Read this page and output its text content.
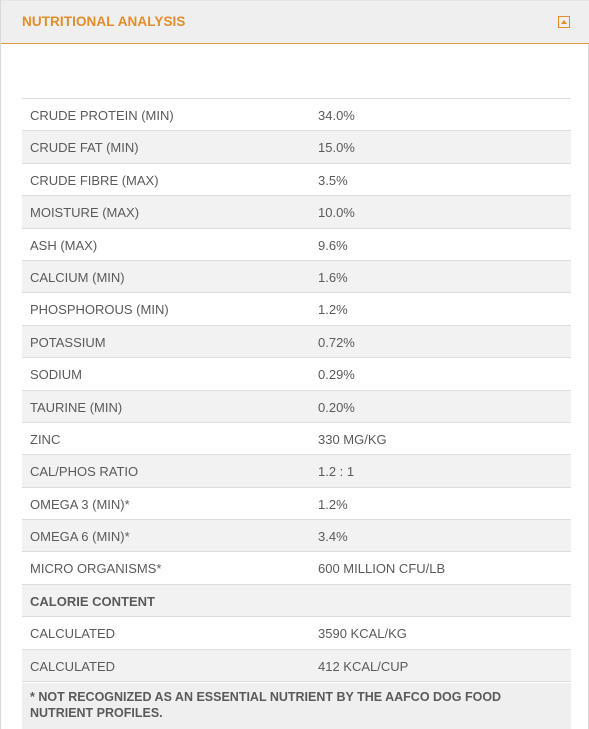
NUTRITIONAL ANALYSIS
CRUDE PROTEIN (MIN)	34.0%
CRUDE FAT (MIN)	15.0%
CRUDE FIBRE (MAX)	3.5%
MOISTURE (MAX)	10.0%
ASH (MAX)	9.6%
CALCIUM (MIN)	1.6%
PHOSPHOROUS (MIN)	1.2%
POTASSIUM	0.72%
SODIUM	0.29%
TAURINE (MIN)	0.20%
ZINC	330 MG/KG
CAL/PHOS RATIO	1.2 : 1
OMEGA 3 (MIN)*	1.2%
OMEGA 6 (MIN)*	3.4%
MICRO ORGANISMS*	600 MILLION CFU/LB
CALORIE CONTENT
CALCULATED	3590 KCAL/KG
CALCULATED	412 KCAL/CUP
* NOT RECOGNIZED AS AN ESSENTIAL NUTRIENT BY THE AAFCO DOG FOOD NUTRIENT PROFILES.
